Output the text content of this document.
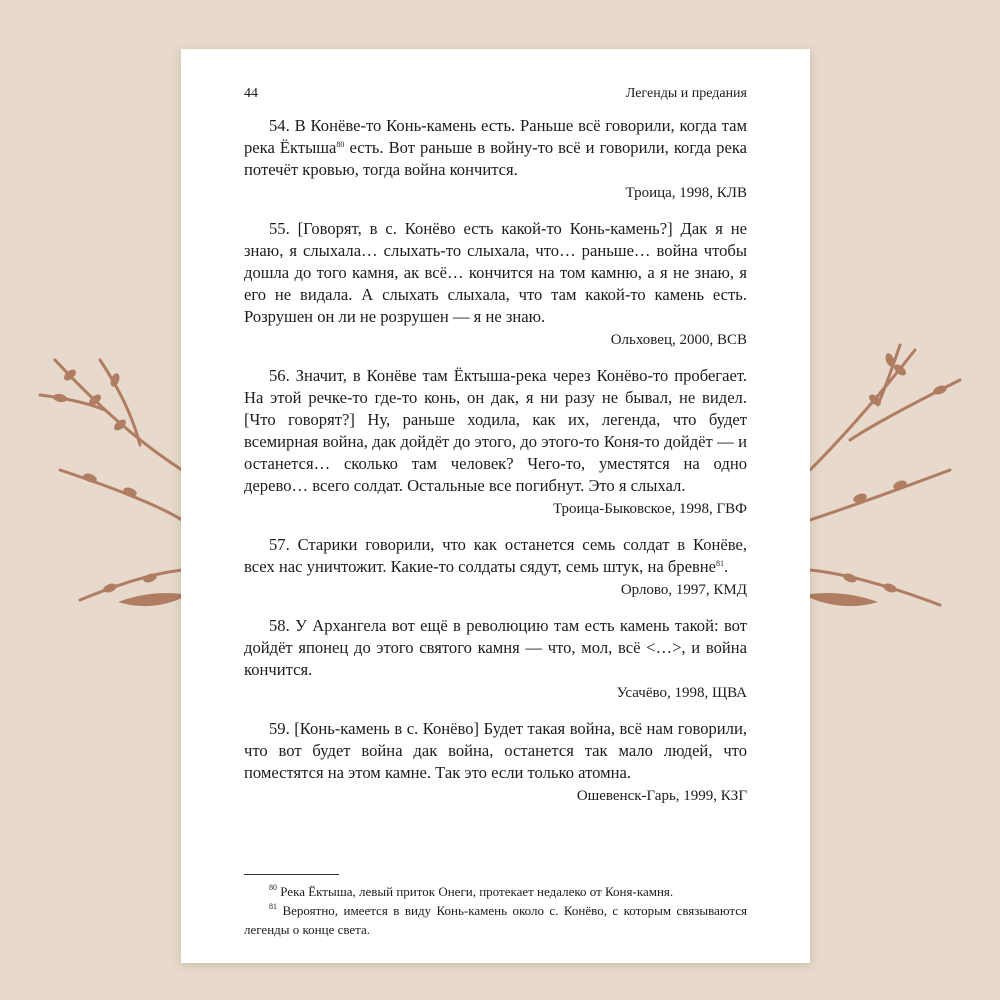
44	Легенды и предания

54. В Конёве-то Конь-камень есть. Раньше всё говорили, когда там река Ёктыша$^{80}$ есть. Вот раньше в войну-то всё и говорили, когда река потечёт кровью, тогда война кончится.

Троица, 1998, КЛВ

55. [Говорят, в с. Конёво есть какой-то Конь-камень?] Дак я не знаю, я слыхала… слыхать-то слыхала, что… раньше… война чтобы дошла до того камня, ак всё… кончится на том камню, а я не знаю, я его не видала. А слыхать слыхала, что там какой-то камень есть. Розрушен он ли не розрушен — я не знаю.

Ольховец, 2000, ВСВ

56. Значит, в Конёве там Ёктыша-река через Конёво-то пробегает. На этой речке-то где-то конь, он дак, я ни разу не бывал, не видел. [Что говорят?] Ну, раньше ходила, как их, легенда, что будет всемирная война, дак дойдёт до этого, до этого-то Коня-то дойдёт — и останется… сколько там человек? Чего-то, уместятся на одно дерево… всего солдат. Остальные все погибнут. Это я слыхал.

Троица-Быковское, 1998, ГВФ

57. Старики говорили, что как останется семь солдат в Конёве, всех нас уничтожит. Какие-то солдаты сядут, семь штук, на бревне$^{81}$.

Орлово, 1997, КМД

58. У Архангела вот ещё в революцию там есть камень такой: вот дойдёт японец до этого святого камня — что, мол, всё <…>, и война кончится.

Усачёво, 1998, ЩВА

59. [Конь-камень в с. Конёво] Будет такая война, всё нам говорили, что вот будет война дак война, останется так мало людей, что поместятся на этом камне. Так это если только атомна.

Ошевенск-Гарь, 1999, КЗГ

$^{80}$ Река Ёктыша, левый приток Онеги, протекает недалеко от Коня-камня.

$^{81}$ Вероятно, имеется в виду Конь-камень около с. Конёво, с которым связываются легенды о конце света.
